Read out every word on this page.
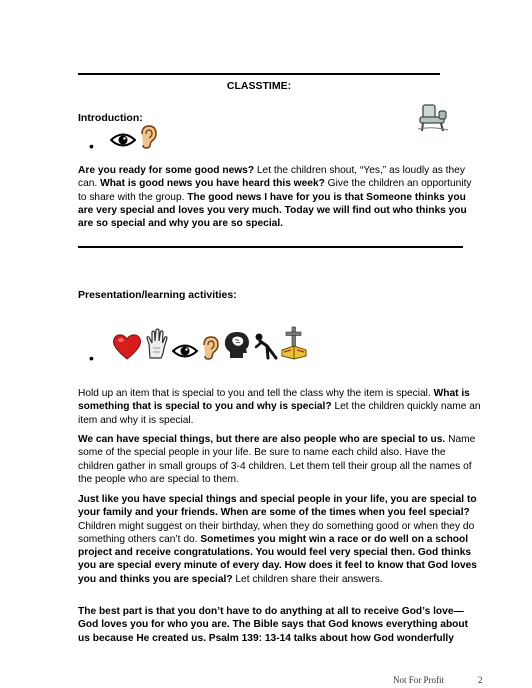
CLASSTIME:
Introduction:
•
Are you ready for some good news? Let the children shout, “Yes,” as loudly as they can. What is good news you have heard this week? Give the children an opportunity to share with the group. The good news I have for you is that Someone thinks you are very special and loves you very much. Today we will find out who thinks you are so special and why you are so special.
Presentation/learning activities:
•
Hold up an item that is special to you and tell the class why the item is special. What is something that is special to you and why is special? Let the children quickly name an item and why it is special.
We can have special things, but there are also people who are special to us. Name some of the special people in your life. Be sure to name each child also. Have the children gather in small groups of 3-4 children. Let them tell their group all the names of the people who are special to them.
Just like you have special things and special people in your life, you are special to your family and your friends. When are some of the times when you feel special? Children might suggest on their birthday, when they do something good or when they do something others can’t do. Sometimes you might win a race or do well on a school project and receive congratulations. You would feel very special then. God thinks you are special every minute of every day. How does it feel to know that God loves you and thinks you are special? Let children share their answers.
The best part is that you don’t have to do anything at all to receive God’s love—God loves you for who you are. The Bible says that God knows everything about us because He created us. Psalm 139: 13-14 talks about how God wonderfully
Not For Profit	2
